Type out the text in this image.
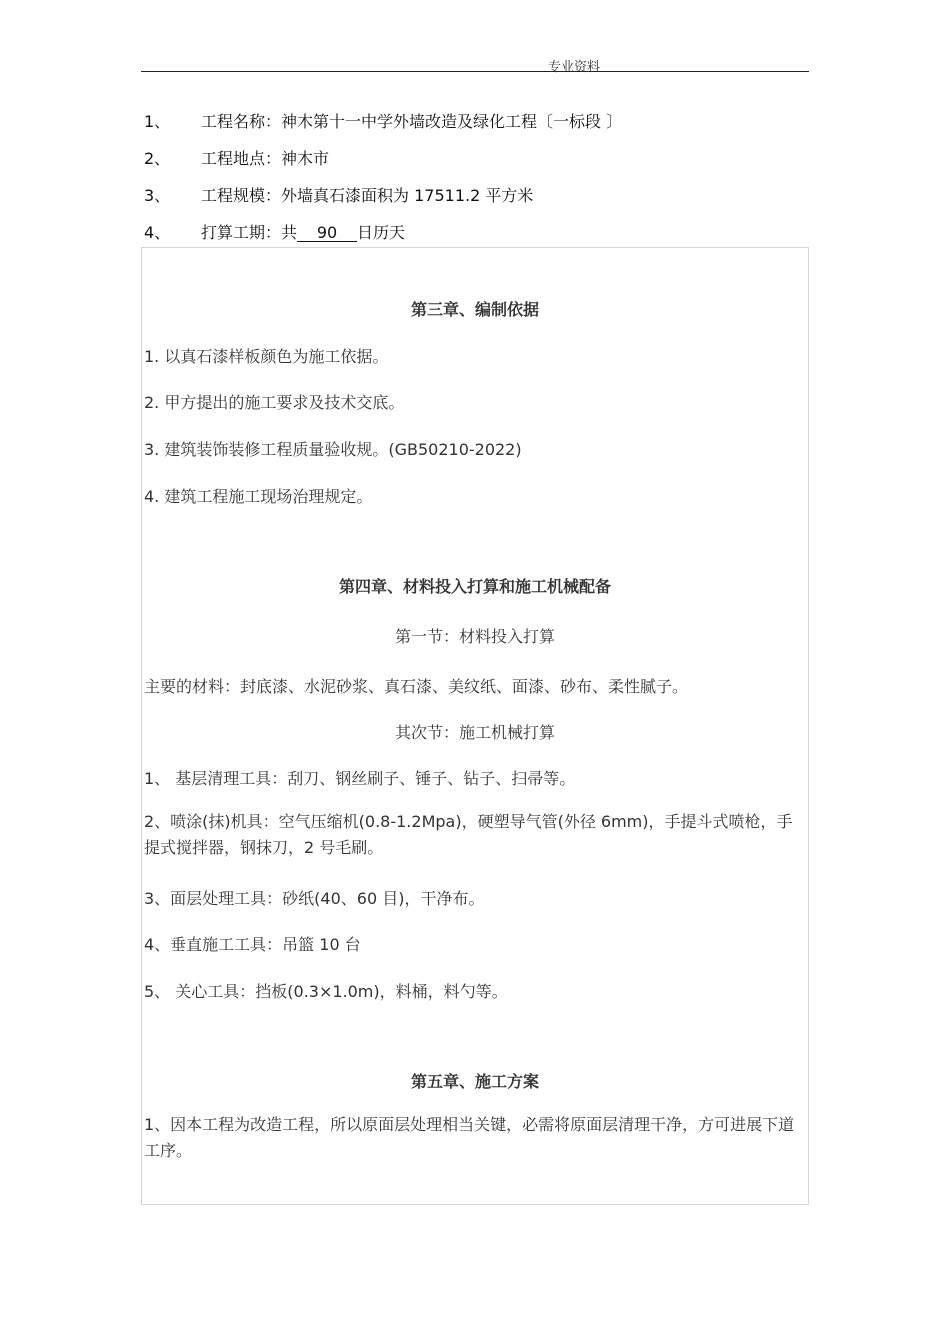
专业资料
1、 工程名称：神木第十一中学外墙改造及绿化工程〔一标段 〕
2、 工程地点：神木市
3、 工程规模：外墙真石漆面积为 17511.2 平方米
4、 打算工期：共 90 日历天
第三章、编制依据
1. 以真石漆样板颜色为施工依据。
2. 甲方提出的施工要求及技术交底。
3. 建筑装饰装修工程质量验收规。(GB50210-2022)
4. 建筑工程施工现场治理规定。
第四章、材料投入打算和施工机械配备
第一节：材料投入打算
主要的材料：封底漆、水泥砂浆、真石漆、美纹纸、面漆、砂布、柔性腻子。
其次节：施工机械打算
1、 基层清理工具：刮刀、钢丝刷子、锤子、钻子、扫帚等。
2、喷涂(抹)机具：空气压缩机(0.8-1.2Mpa)，硬塑导气管(外径 6mm)，手提斗式喷枪，手提式搅拌器，钢抹刀，2 号毛刷。
3、面层处理工具：砂纸(40、60 目)，干净布。
4、垂直施工工具：吊篮 10 台
5、 关心工具：挡板(0.3×1.0m)，料桶，料勺等。
第五章、施工方案
1、因本工程为改造工程，所以原面层处理相当关键，必需将原面层清理干净，方可进展下道工序。
